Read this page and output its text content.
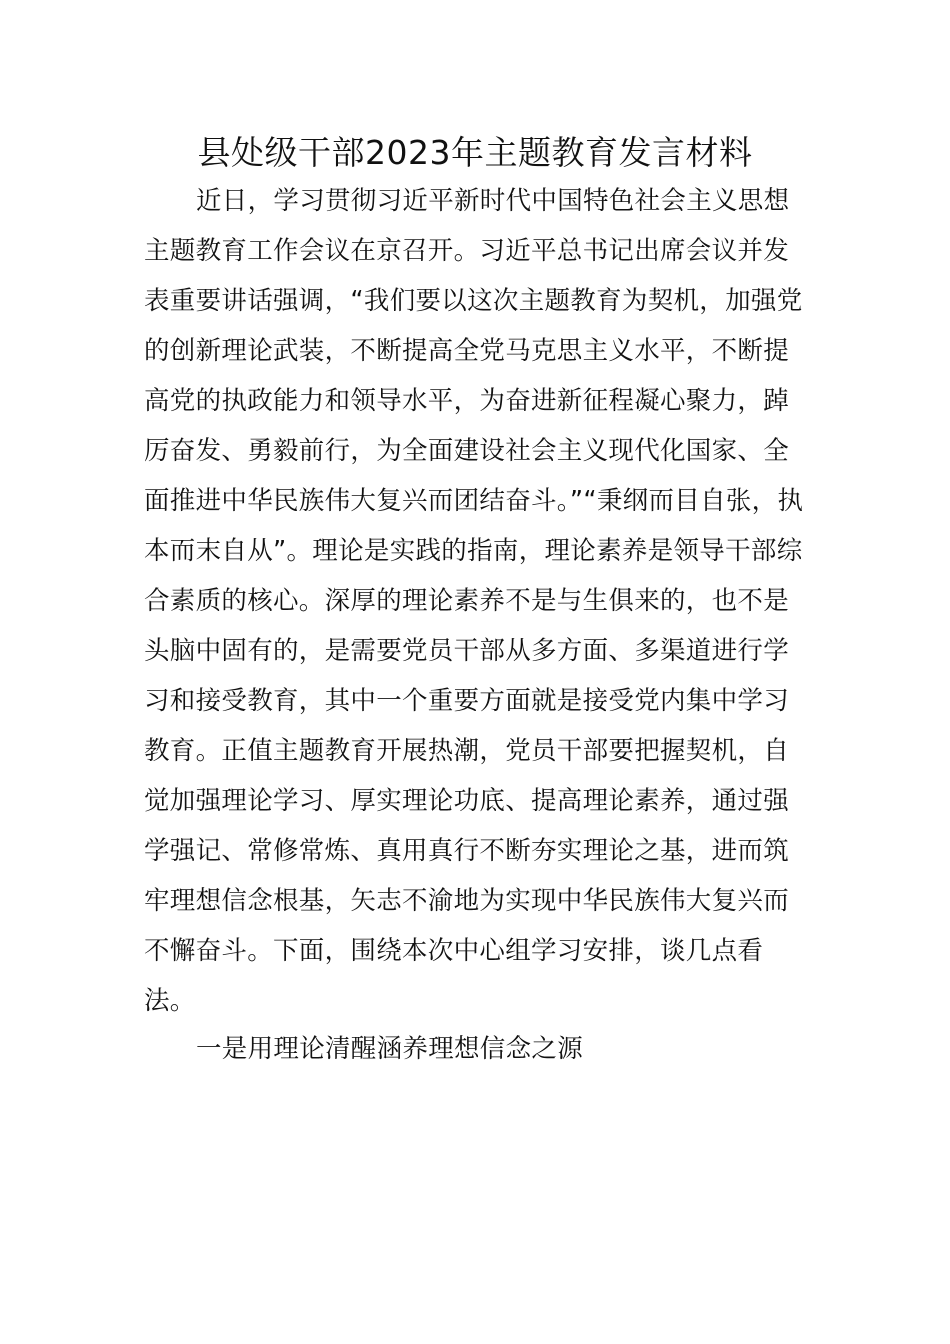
县处级干部2023年主题教育发言材料
近日，学习贯彻习近平新时代中国特色社会主义思想
主题教育工作会议在京召开。习近平总书记出席会议并发
表重要讲话强调，“我们要以这次主题教育为契机，加强党
的创新理论武装，不断提高全党马克思主义水平，不断提
高党的执政能力和领导水平，为奋进新征程凝心聚力，踔
厉奋发、勇毅前行，为全面建设社会主义现代化国家、全
面推进中华民族伟大复兴而团结奋斗。”“秉纲而目自张，执
本而末自从”。理论是实践的指南，理论素养是领导干部综
合素质的核心。深厚的理论素养不是与生俱来的，也不是
头脑中固有的，是需要党员干部从多方面、多渠道进行学
习和接受教育，其中一个重要方面就是接受党内集中学习
教育。正值主题教育开展热潮，党员干部要把握契机，自
觉加强理论学习、厚实理论功底、提高理论素养，通过强
学强记、常修常炼、真用真行不断夯实理论之基，进而筑
牢理想信念根基，矢志不渝地为实现中华民族伟大复兴而
不懈奋斗。下面，围绕本次中心组学习安排，谈几点看
法。
一是用理论清醒涵养理想信念之源
